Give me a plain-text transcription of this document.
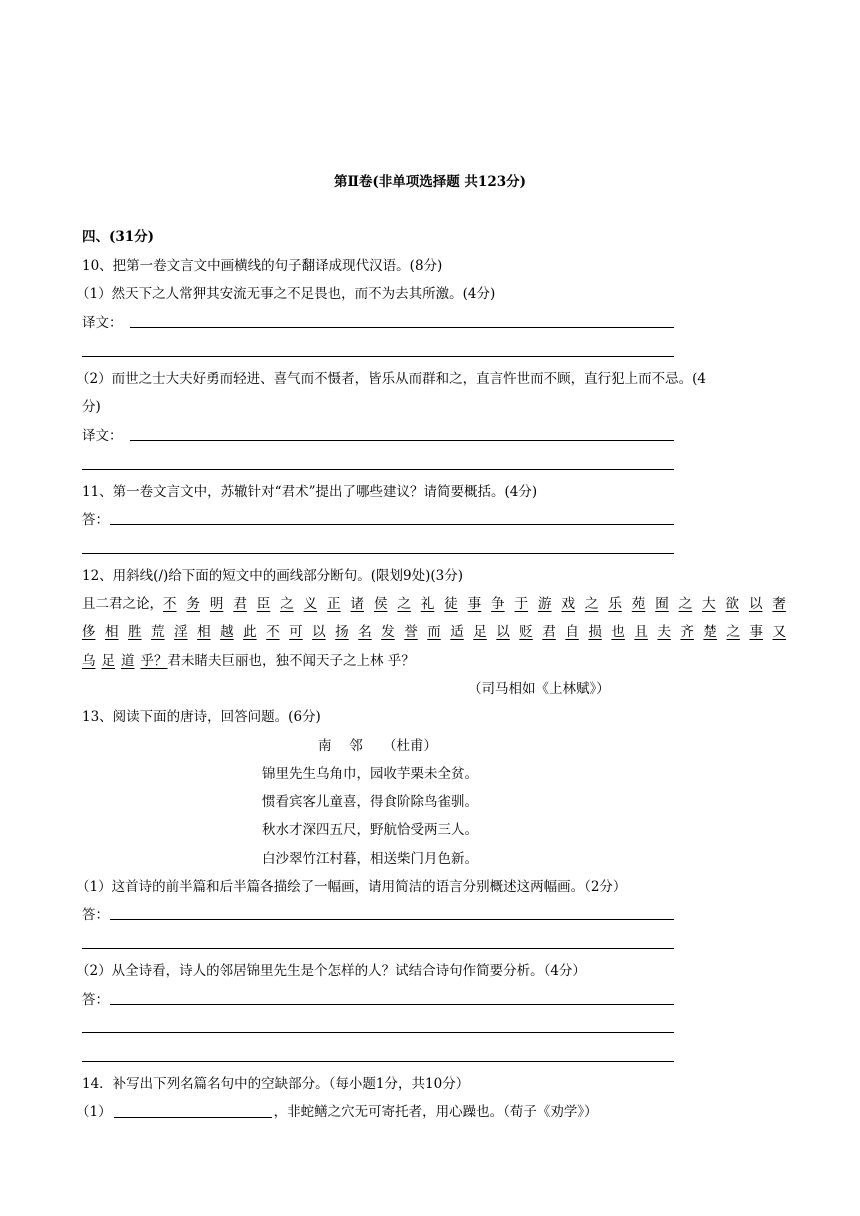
第Ⅱ卷(非单项选择题 共123分)
四、(31分)
10、把第一卷文言文中画横线的句子翻译成现代汉语。(8分)
（1）然天下之人常狎其安流无事之不足畏也，而不为去其所激。(4分)
译文：
（2）而世之士大夫好勇而轻进、喜气而不慑者，皆乐从而群和之，直言忤世而不顾，直行犯上而不忌。(4
分)
译文：
11、第一卷文言文中，苏辙针对“君术”提出了哪些建议？请简要概括。(4分)
答：
12、用斜线(/)给下面的短文中的画线部分断句。(限划9处)(3分)
且二君之论， 不 务 明 君 臣 之 义 正 诸 侯 之 礼 徒 事 争 于 游 戏 之 乐 苑 囿 之 大 欲 以 奢
侈 相 胜 荒 淫 相 越 此 不 可 以 扬 名 发 誉 而 适 足 以 贬 君 自 损 也 且 夫 齐 楚 之 事 又
乌 足 道 乎？君未睹夫巨丽也，独不闻天子之上林 乎？
（司马相如《上林赋》）
13、阅读下面的唐诗，回答问题。(6分)
南　 邻　　（杜甫）
锦里先生乌角巾，园收芋栗未全贫。
惯看宾客儿童喜，得食阶除鸟雀驯。
秋水才深四五尺，野航恰受两三人。
白沙翠竹江村暮，相送柴门月色新。
（1）这首诗的前半篇和后半篇各描绘了一幅画，请用简洁的语言分别概述这两幅画。（2分）
答：
（2）从全诗看，诗人的邻居锦里先生是个怎样的人？试结合诗句作简要分析。（4分）
答：
14．补写出下列名篇名句中的空缺部分。（每小题1分，共10分）
（1）	，非蛇鳝之穴无可寄托者，用心躁也。（荀子《劝学》）
